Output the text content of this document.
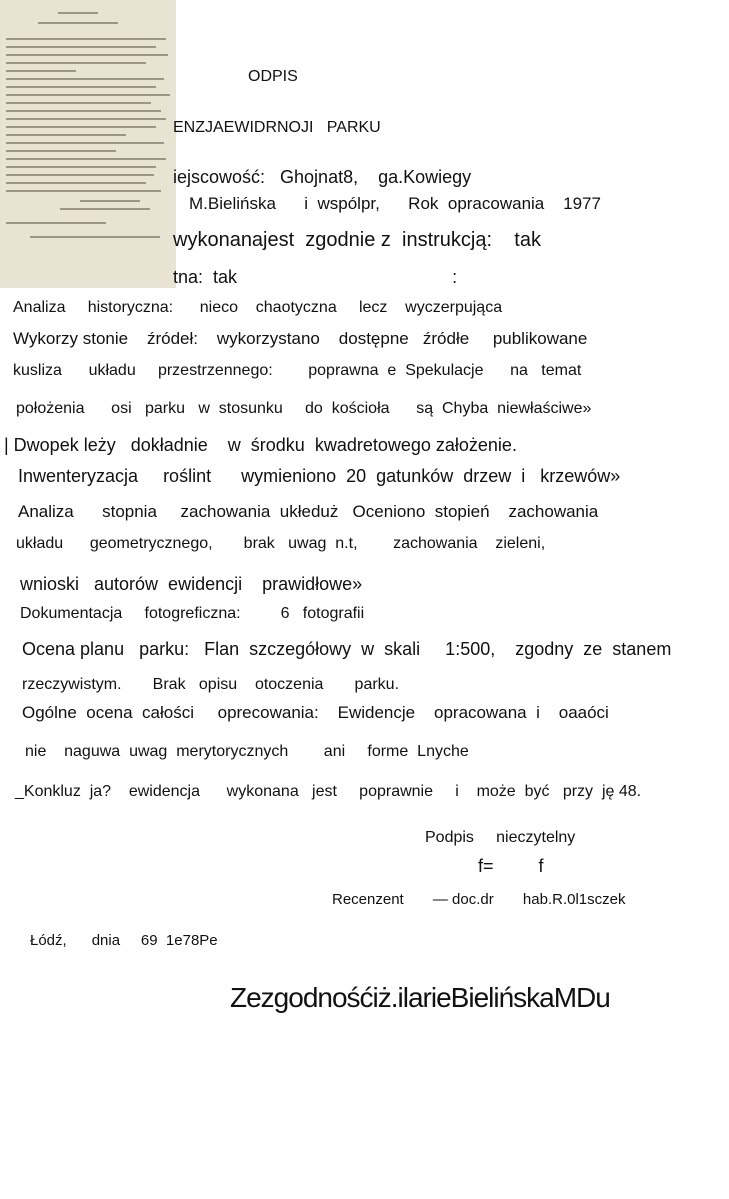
ODPIS
ENZJAEWIDRNOJI   PARKU
iejscowość:   Ghojnat8,    ga.Kowiegy
M.Bielińska      i  wspólpr,      Rok  opracowania    1977
wykonanajest  zgodnie z  instrukcją:    tak
tna:  tak                                           :
Analiza     historyczna:      nieco    chaotyczna     lecz    wyczerpująca
Wykorzy stonie    źródeł:    wykorzystano    dostępne   źródłe     publikowane
kusliza      układu     przestrzennego:        poprawna  e  Spekulacje      na   temat
położenia      osi   parku   w  stosunku     do  kościoła      są  Chyba  niewłaściwe»
| Dwopek leży   dokładnie    w  środku  kwadretowego założenie.
Inwenteryzacja     roślint      wymieniono  20  gatunków  drzew  i   krzewów»
Analiza      stopnia     zachowania  ukłeduż   Oceniono  stopień    zachowania
układu      geometrycznego,       brak   uwag  n.t,        zachowania    zieleni,
wnioski   autorów  ewidencji    prawidłowe»
Dokumentacja     fotogreficzna:         6   fotografii
Ocena planu   parku:   Flan  szczegółowy  w  skali     1:500,    zgodny  ze  stanem
rzeczywistym.       Brak   opisu    otoczenia       parku.
Ogólne  ocena  całości     oprecowania:    Ewidencje    opracowana  i    oaaóci
nie    naguwa  uwag  merytorycznych        ani     forme  Lnyche
_Konkluz  ja?    ewidencja      wykonana   jest     poprawnie     i    może  być   przy  ję 48.
Podpis     nieczytelny
f=         f
Recenzent       — doc.dr       hab.R.0l1sczek
Łódź,      dnia     69  1e78Pe
Zezgodnośćiż.ilarieBielińskaMDu
